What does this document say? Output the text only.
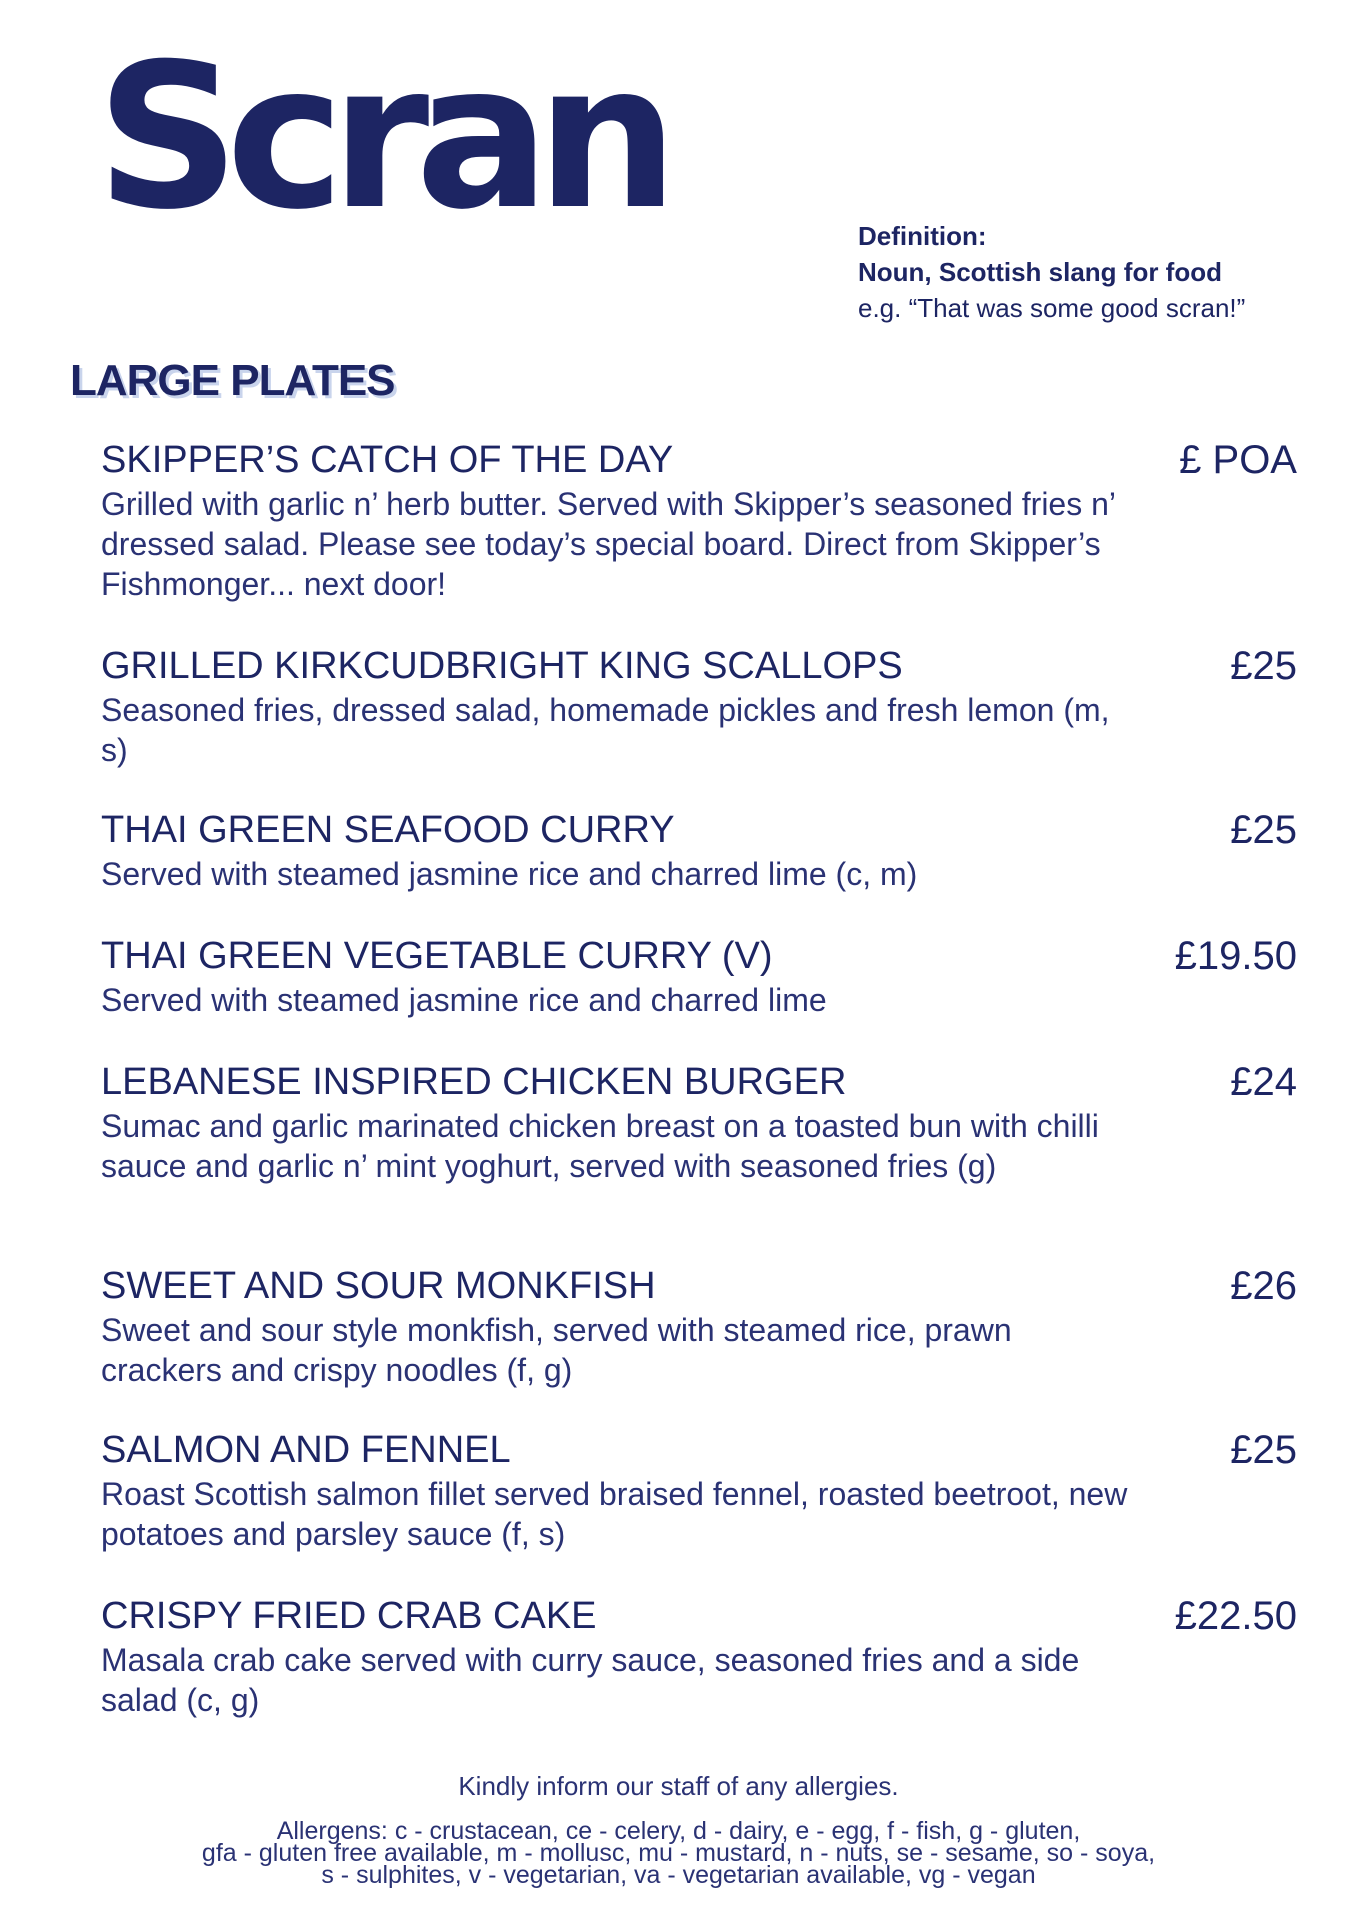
Scran	Definition:
Noun, Scottish slang for food
e.g. “That was some good scran!”
LARGE PLATES
SKIPPER’S CATCH OF THE DAY	£ POA
Grilled with garlic n’ herb butter. Served with Skipper’s seasoned fries n’ dressed salad. Please see today’s special board. Direct from Skipper’s Fishmonger... next door!
GRILLED KIRKCUDBRIGHT KING SCALLOPS	£25
Seasoned fries, dressed salad, homemade pickles and fresh lemon (m, s)
THAI GREEN SEAFOOD CURRY	£25
Served with steamed jasmine rice and charred lime (c, m)
THAI GREEN VEGETABLE CURRY (V)	£19.50
Served with steamed jasmine rice and charred lime
LEBANESE INSPIRED CHICKEN BURGER	£24
Sumac and garlic marinated chicken breast on a toasted bun with chilli sauce and garlic n’ mint yoghurt, served with seasoned fries (g)
SWEET AND SOUR MONKFISH	£26
Sweet and sour style monkfish, served with steamed rice, prawn crackers and crispy noodles (f, g)
SALMON AND FENNEL	£25
Roast Scottish salmon fillet served braised fennel, roasted beetroot, new potatoes and parsley sauce (f, s)
CRISPY FRIED CRAB CAKE	£22.50
Masala crab cake served with curry sauce, seasoned fries and a side salad (c, g)
Kindly inform our staff of any allergies.
Allergens: c - crustacean, ce - celery, d - dairy, e - egg, f - fish, g - gluten,
gfa - gluten free available, m - mollusc, mu - mustard, n - nuts, se - sesame, so - soya,
s - sulphites, v - vegetarian, va - vegetarian available, vg - vegan
